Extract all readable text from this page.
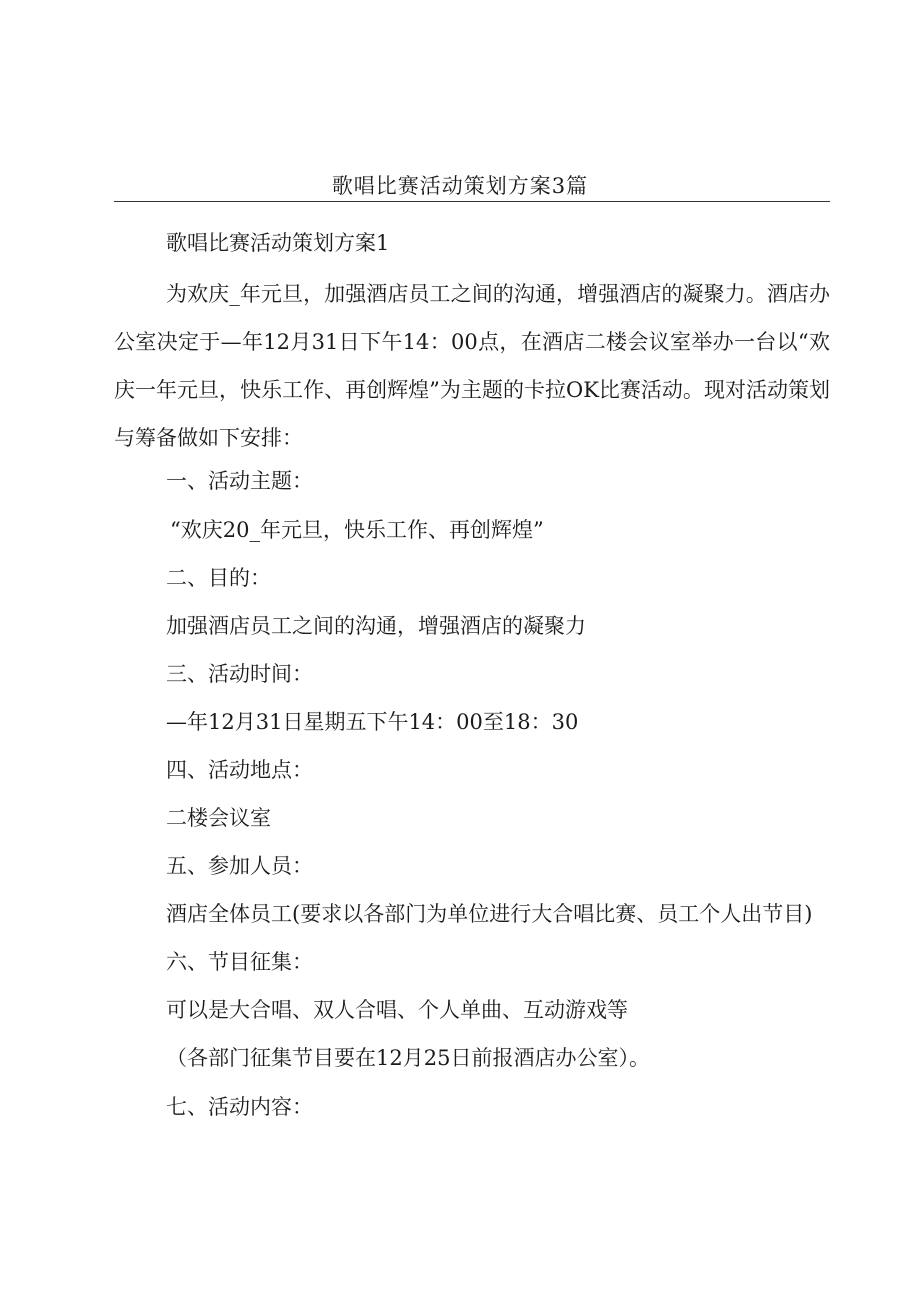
歌唱比赛活动策划方案3篇

歌唱比赛活动策划方案1

为欢庆_年元旦，加强酒店员工之间的沟通，增强酒店的凝聚力。酒店办公室决定于—年12月31日下午14：00点，在酒店二楼会议室举办一台以“欢庆一年元旦，快乐工作、再创辉煌”为主题的卡拉OK比赛活动。现对活动策划与筹备做如下安排：

一、活动主题：

“欢庆20_年元旦，快乐工作、再创辉煌”

二、目的：

加强酒店员工之间的沟通，增强酒店的凝聚力

三、活动时间：

—年12月31日星期五下午14：00至18：30

四、活动地点：

二楼会议室

五、参加人员：

酒店全体员工(要求以各部门为单位进行大合唱比赛、员工个人出节目)

六、节目征集：

可以是大合唱、双人合唱、个人单曲、互动游戏等

（各部门征集节目要在12月25日前报酒店办公室）。

七、活动内容：
